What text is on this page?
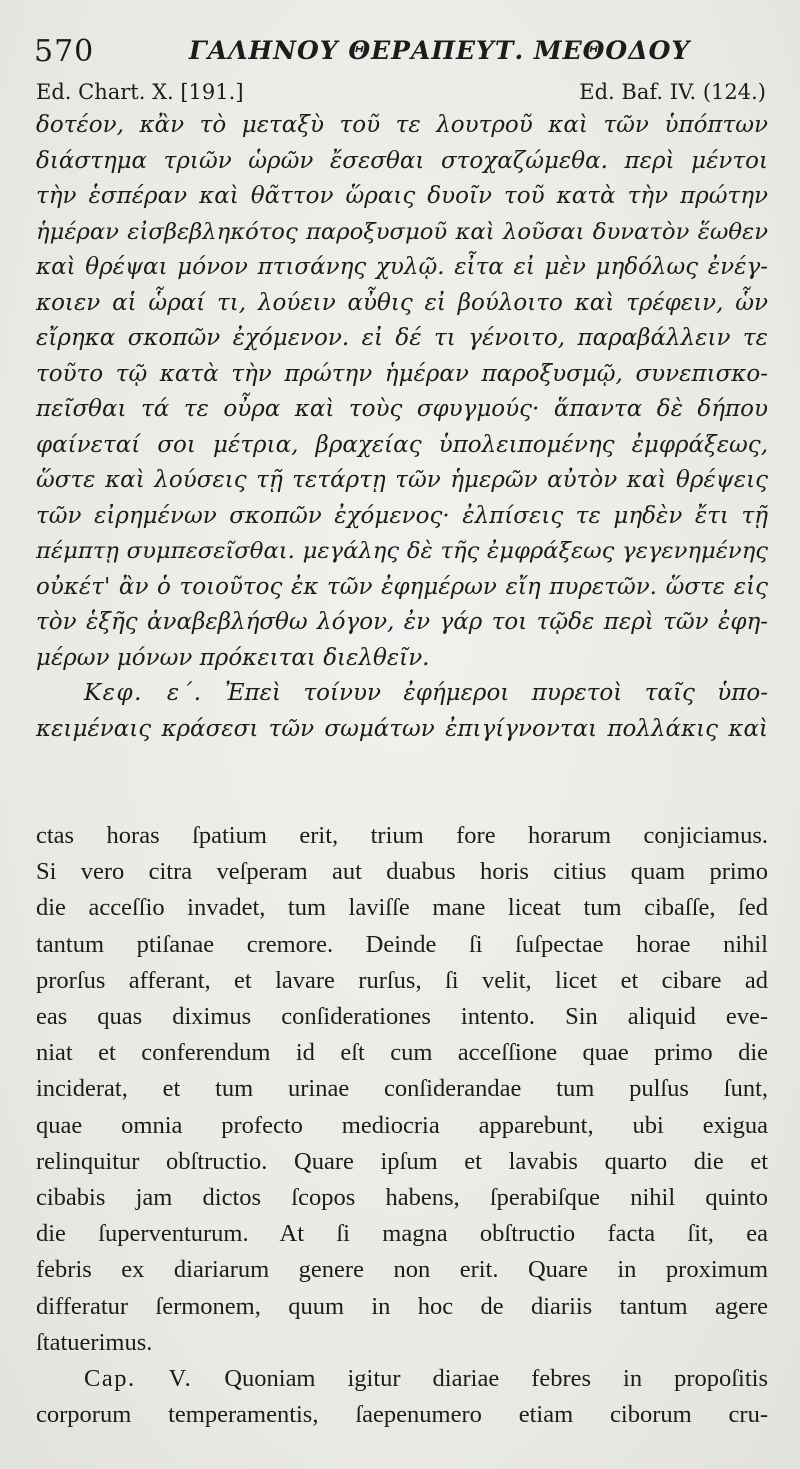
570	ΓΑΛΗΝΟΥ ΘΕΡΑΠΕΥΤ. ΜΕΘΟΔΟΥ
Ed. Chart. X. [191.]	Ed. Baf. IV. (124.)
δοτέον, κἂν τὸ μεταξὺ τοῦ τε λουτροῦ καὶ τῶν ὑπόπτων
διάστημα τριῶν ὡρῶν ἔσεσθαι στοχαζώμεθα. περὶ μέντοι
τὴν ἑσπέραν καὶ θᾶττον ὥραις δυοῖν τοῦ κατὰ τὴν πρώτην
ἡμέραν εἰσβεβληκότος παροξυσμοῦ καὶ λοῦσαι δυνατὸν ἕωθεν
καὶ θρέψαι μόνον πτισάνης χυλῷ. εἶτα εἰ μὲν μηδόλως ἐνέγ-
κοιεν αἱ ὧραί τι, λούειν αὖθις εἰ βούλοιτο καὶ τρέφειν, ὧν
εἴρηκα σκοπῶν ἐχόμενον. εἰ δέ τι γένοιτο, παραβάλλειν τε
τοῦτο τῷ κατὰ τὴν πρώτην ἡμέραν παροξυσμῷ, συνεπισκο-
πεῖσθαι τά τε οὖρα καὶ τοὺς σφυγμούς· ἅπαντα δὲ δήπου
φαίνεταί σοι μέτρια, βραχείας ὑπολειπομένης ἐμφράξεως,
ὥστε καὶ λούσεις τῇ τετάρτῃ τῶν ἡμερῶν αὐτὸν καὶ θρέψεις
τῶν εἰρημένων σκοπῶν ἐχόμενος· ἐλπίσεις τε μηδὲν ἔτι τῇ
πέμπτῃ συμπεσεῖσθαι. μεγάλης δὲ τῆς ἐμφράξεως γεγενημένης
οὐκέτ' ἂν ὁ τοιοῦτος ἐκ τῶν ἐφημέρων εἴη πυρετῶν. ὥστε εἰς
τὸν ἑξῆς ἀναβεβλήσθω λόγον, ἐν γάρ τοι τῷδε περὶ τῶν ἐφη-
μέρων μόνων πρόκειται διελθεῖν.
Κεφ. ε΄. Ἐπεὶ τοίνυν ἐφήμεροι πυρετοὶ ταῖς ὑπο-
κειμέναις κράσεσι τῶν σωμάτων ἐπιγίγνονται πολλάκις καὶ
ctas horas ſpatium erit, trium fore horarum conjiciamus.
Si vero citra veſperam aut duabus horis citius quam primo
die acceſſio invadet, tum laviſſe mane liceat tum cibaſſe, ſed
tantum ptiſanae cremore. Deinde ſi ſuſpectae horae nihil
prorſus afferant, et lavare rurſus, ſi velit, licet et cibare ad
eas quas diximus conſiderationes intento. Sin aliquid eve-
niat et conferendum id eſt cum acceſſione quae primo die
inciderat, et tum urinae conſiderandae tum pulſus ſunt,
quae omnia profecto mediocria apparebunt, ubi exigua
relinquitur obſtructio. Quare ipſum et lavabis quarto die et
cibabis jam dictos ſcopos habens, ſperabiſque nihil quinto
die ſuperventurum. At ſi magna obſtructio facta ſit, ea
febris ex diariarum genere non erit. Quare in proximum
differatur ſermonem, quum in hoc de diariis tantum agere
ſtatuerimus.
Cap. V. Quoniam igitur diariae febres in propoſitis
corporum temperamentis, ſaepenumero etiam ciborum cru-
